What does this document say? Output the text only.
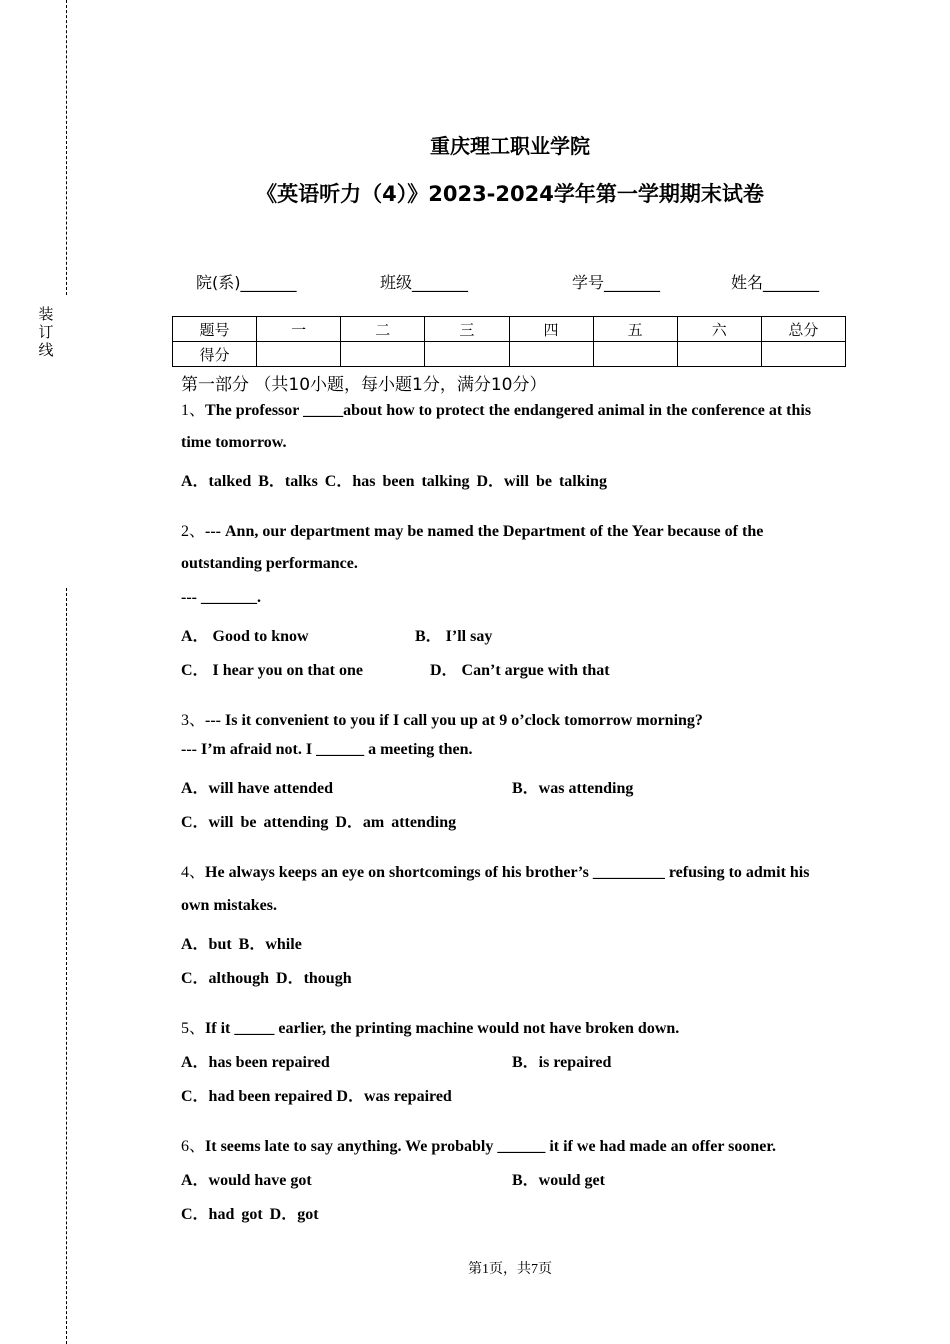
装
订
线
重庆理工职业学院
《英语听力（4）》2023-2024学年第一学期期末试卷
院(系)_______	班级_______	学号_______	姓名_______
题号	一	二	三	四	五	六	总分
得分							
第一部分 （共10小题，每小题1分，满分10分）
1、The professor _____about how to protect the endangered animal in the conference at this
time tomorrow.
A．talked B．talks C．has been talking D．will be talking
2、--- Ann, our department may be named the Department of the Year because of the
outstanding performance.
--- _______.
A． Good to know	B． I’ll say
C． I hear you on that one	D． Can’t argue with that
3、--- Is it convenient to you if I call you up at 9 o’clock tomorrow morning?
--- I’m afraid not. I ______ a meeting then.
A．will have attended	B．was attending
C．will be attending D．am attending
4、He always keeps an eye on shortcomings of his brother’s _________ refusing to admit his
own mistakes.
A．but B．while
C．although D．though
5、If it _____ earlier, the printing machine would not have broken down.
A．has been repaired	B．is repaired
C．had been repaired D．was repaired
6、It seems late to say anything. We probably ______ it if we had made an offer sooner.
A．would have got	B．would get
C．had got D．got
第1页，共7页
